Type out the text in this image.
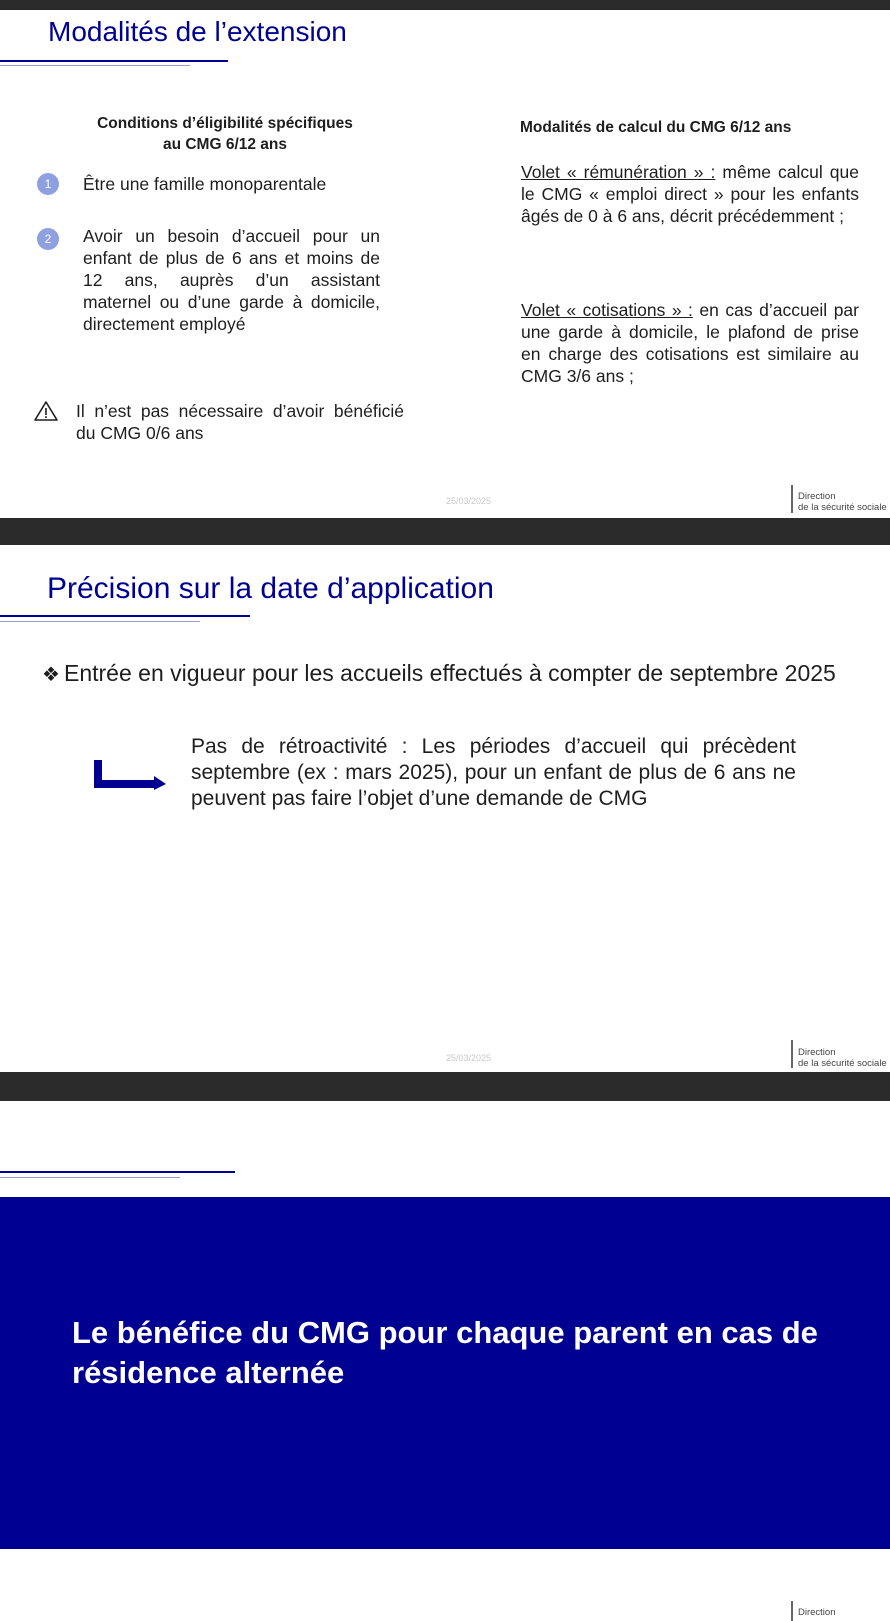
Modalités de l’extension
Conditions d’éligibilité spécifiques
au CMG 6/12 ans
1	Être une famille monoparentale
2	Avoir un besoin d’accueil pour un enfant de plus de 6 ans et moins de 12 ans, auprès d’un assistant maternel ou d’une garde à domicile, directement employé
Il n’est pas nécessaire d’avoir bénéficié du CMG 0/6 ans
Modalités de calcul du CMG 6/12 ans
Volet « rémunération » : même calcul que le CMG « emploi direct » pour les enfants âgés de 0 à 6 ans, décrit précédemment ;
Volet « cotisations » : en cas d’accueil par une garde à domicile, le plafond de prise en charge des cotisations est similaire au CMG 3/6 ans ;
25/03/2025	Direction
de la sécurité sociale
Précision sur la date d’application
❖ Entrée en vigueur pour les accueils effectués à compter de septembre 2025
Pas de rétroactivité : Les périodes d’accueil qui précèdent septembre (ex : mars 2025), pour un enfant de plus de 6 ans ne peuvent pas faire l’objet d’une demande de CMG
25/03/2025	Direction
de la sécurité sociale
Le bénéfice du CMG pour chaque parent en cas de résidence alternée
Direction
